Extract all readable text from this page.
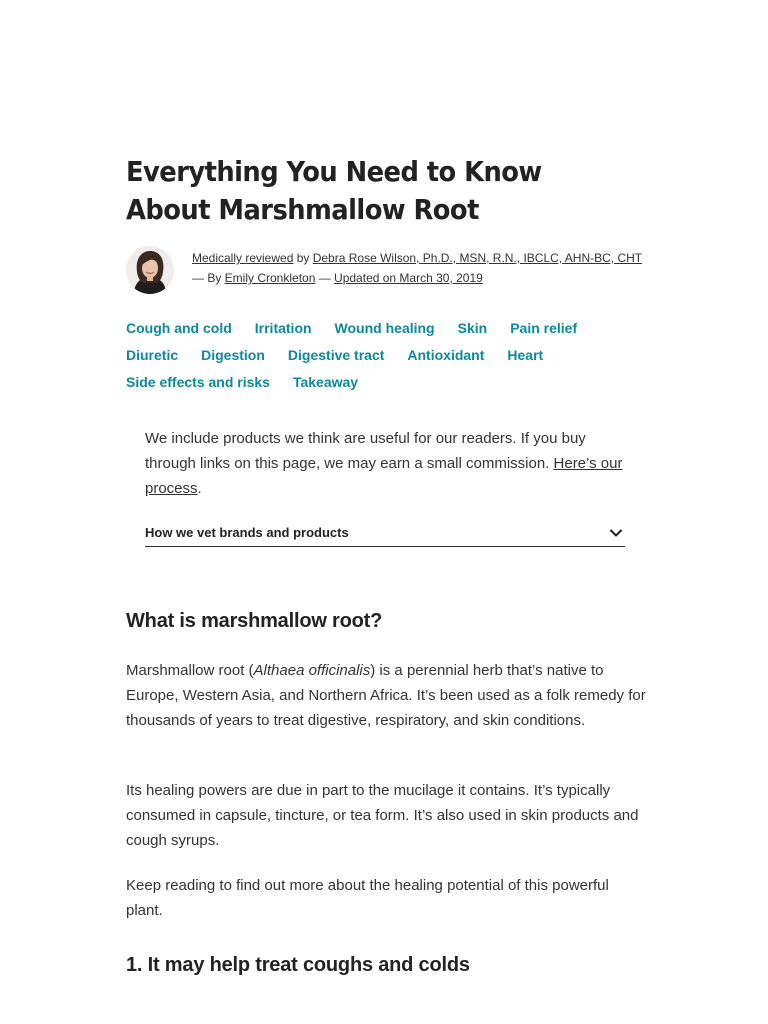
Everything You Need to Know About Marshmallow Root
Medically reviewed by Debra Rose Wilson, Ph.D., MSN, R.N., IBCLC, AHN-BC, CHT — By Emily Cronkleton — Updated on March 30, 2019
Cough and cold Irritation Wound healing Skin Pain relief
Diuretic Digestion Digestive tract Antioxidant Heart
Side effects and risks Takeaway

We include products we think are useful for our readers. If you buy through links on this page, we may earn a small commission. Here’s our process.

How we vet brands and products
What is marshmallow root?

Marshmallow root (Althaea officinalis) is a perennial herb that’s native to Europe, Western Asia, and Northern Africa. It’s been used as a folk remedy for thousands of years to treat digestive, respiratory, and skin conditions.

Its healing powers are due in part to the mucilage it contains. It’s typically consumed in capsule, tincture, or tea form. It’s also used in skin products and cough syrups.

Keep reading to find out more about the healing potential of this powerful plant.

1. It may help treat coughs and colds
